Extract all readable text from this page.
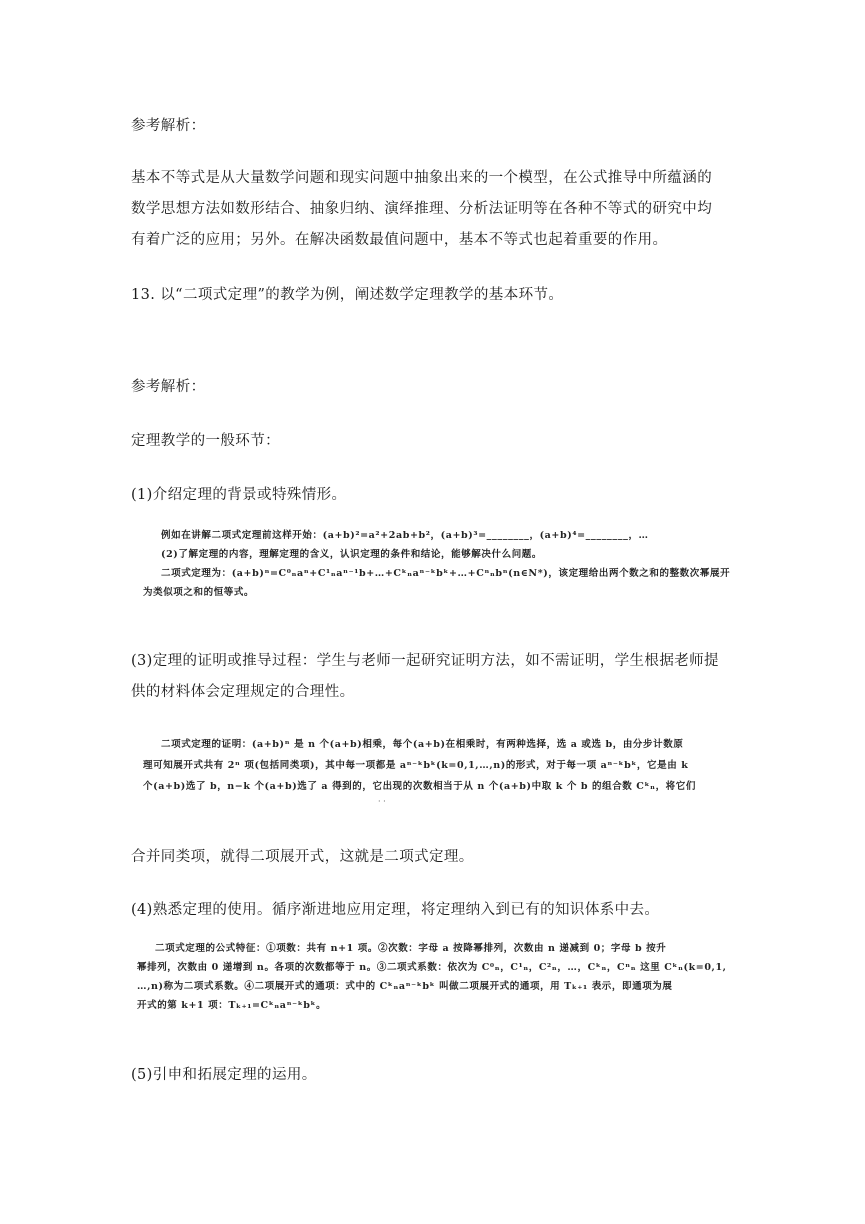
参考解析：

基本不等式是从大量数学问题和现实问题中抽象出来的一个模型，在公式推导中所蕴涵的

数学思想方法如数形结合、抽象归纳、演绎推理、分析法证明等在各种不等式的研究中均

有着广泛的应用；另外。在解决函数最值问题中，基本不等式也起着重要的作用。

13. 以“二项式定理”的教学为例，阐述数学定理教学的基本环节。

参考解析：

定理教学的一般环节：

(1)介绍定理的背景或特殊情形。

例如在讲解二项式定理前这样开始：(a+b)²=a²+2ab+b²，(a+b)³=________，(a+b)⁴=________，…
(2)了解定理的内容，理解定理的含义，认识定理的条件和结论，能够解决什么问题。
二项式定理为：(a+b)ⁿ=C⁰ₙaⁿ+C¹ₙaⁿ⁻¹b+…+Cᵏₙaⁿ⁻ᵏbᵏ+…+Cⁿₙbⁿ(n∈N*)，该定理给出两个数之和的整数次幂展开
为类似项之和的恒等式。

(3)定理的证明或推导过程：学生与老师一起研究证明方法，如不需证明，学生根据老师提

供的材料体会定理规定的合理性。

二项式定理的证明：(a+b)ⁿ 是 n 个(a+b)相乘，每个(a+b)在相乘时，有两种选择，选 a 或选 b，由分步计数原
理可知展开式共有 2ⁿ 项(包括同类项)，其中每一项都是 aⁿ⁻ᵏbᵏ(k=0,1,…,n)的形式，对于每一项 aⁿ⁻ᵏbᵏ，它是由 k
个(a+b)选了 b，n−k 个(a+b)选了 a 得到的，它出现的次数相当于从 n 个(a+b)中取 k 个 b 的组合数 Cᵏₙ，将它们
· ·

合并同类项，就得二项展开式，这就是二项式定理。

(4)熟悉定理的使用。循序渐进地应用定理，将定理纳入到已有的知识体系中去。

二项式定理的公式特征：①项数：共有 n+1 项。②次数：字母 a 按降幂排列，次数由 n 递减到 0；字母 b 按升
幂排列，次数由 0 递增到 n。各项的次数都等于 n。③二项式系数：依次为 C⁰ₙ，C¹ₙ，C²ₙ，…，Cᵏₙ，Cⁿₙ 这里 Cᵏₙ(k=0,1,
…,n)称为二项式系数。④二项展开式的通项：式中的 Cᵏₙaⁿ⁻ᵏbᵏ 叫做二项展开式的通项，用 Tₖ₊₁ 表示，即通项为展
开式的第 k+1 项：Tₖ₊₁=Cᵏₙaⁿ⁻ᵏbᵏ。

(5)引申和拓展定理的运用。
